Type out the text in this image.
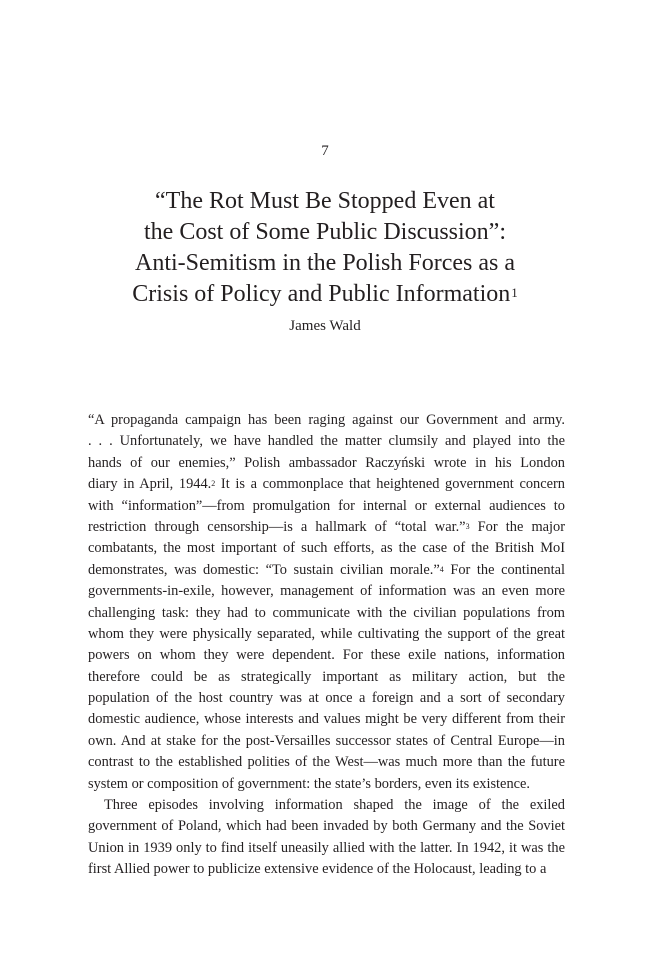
7
“The Rot Must Be Stopped Even at
the Cost of Some Public Discussion”:
Anti-Semitism in the Polish Forces as a
Crisis of Policy and Public Information$^1$
James Wald

“A propaganda campaign has been raging against our Government and army.
. . . Unfortunately, we have handled the matter clumsily and played into the
hands of our enemies,” Polish ambassador Raczyński wrote in his London
diary in April, 1944.$^2$ It is a commonplace that heightened government concern
with “information”—from promulgation for internal or external audiences to
restriction through censorship—is a hallmark of “total war.”$^3$ For the major
combatants, the most important of such efforts, as the case of the British MoI
demonstrates, was domestic: “To sustain civilian morale.”$^4$ For the continental
governments-in-exile, however, management of information was an even more
challenging task: they had to communicate with the civilian populations from
whom they were physically separated, while cultivating the support of the great
powers on whom they were dependent. For these exile nations, information
therefore could be as strategically important as military action, but the
population of the host country was at once a foreign and a sort of secondary
domestic audience, whose interests and values might be very different from their
own. And at stake for the post-Versailles successor states of Central Europe—in
contrast to the established polities of the West—was much more than the future
system or composition of government: the state’s borders, even its existence.

Three episodes involving information shaped the image of the exiled
government of Poland, which had been invaded by both Germany and the Soviet
Union in 1939 only to find itself uneasily allied with the latter. In 1942, it was the
first Allied power to publicize extensive evidence of the Holocaust, leading to a
